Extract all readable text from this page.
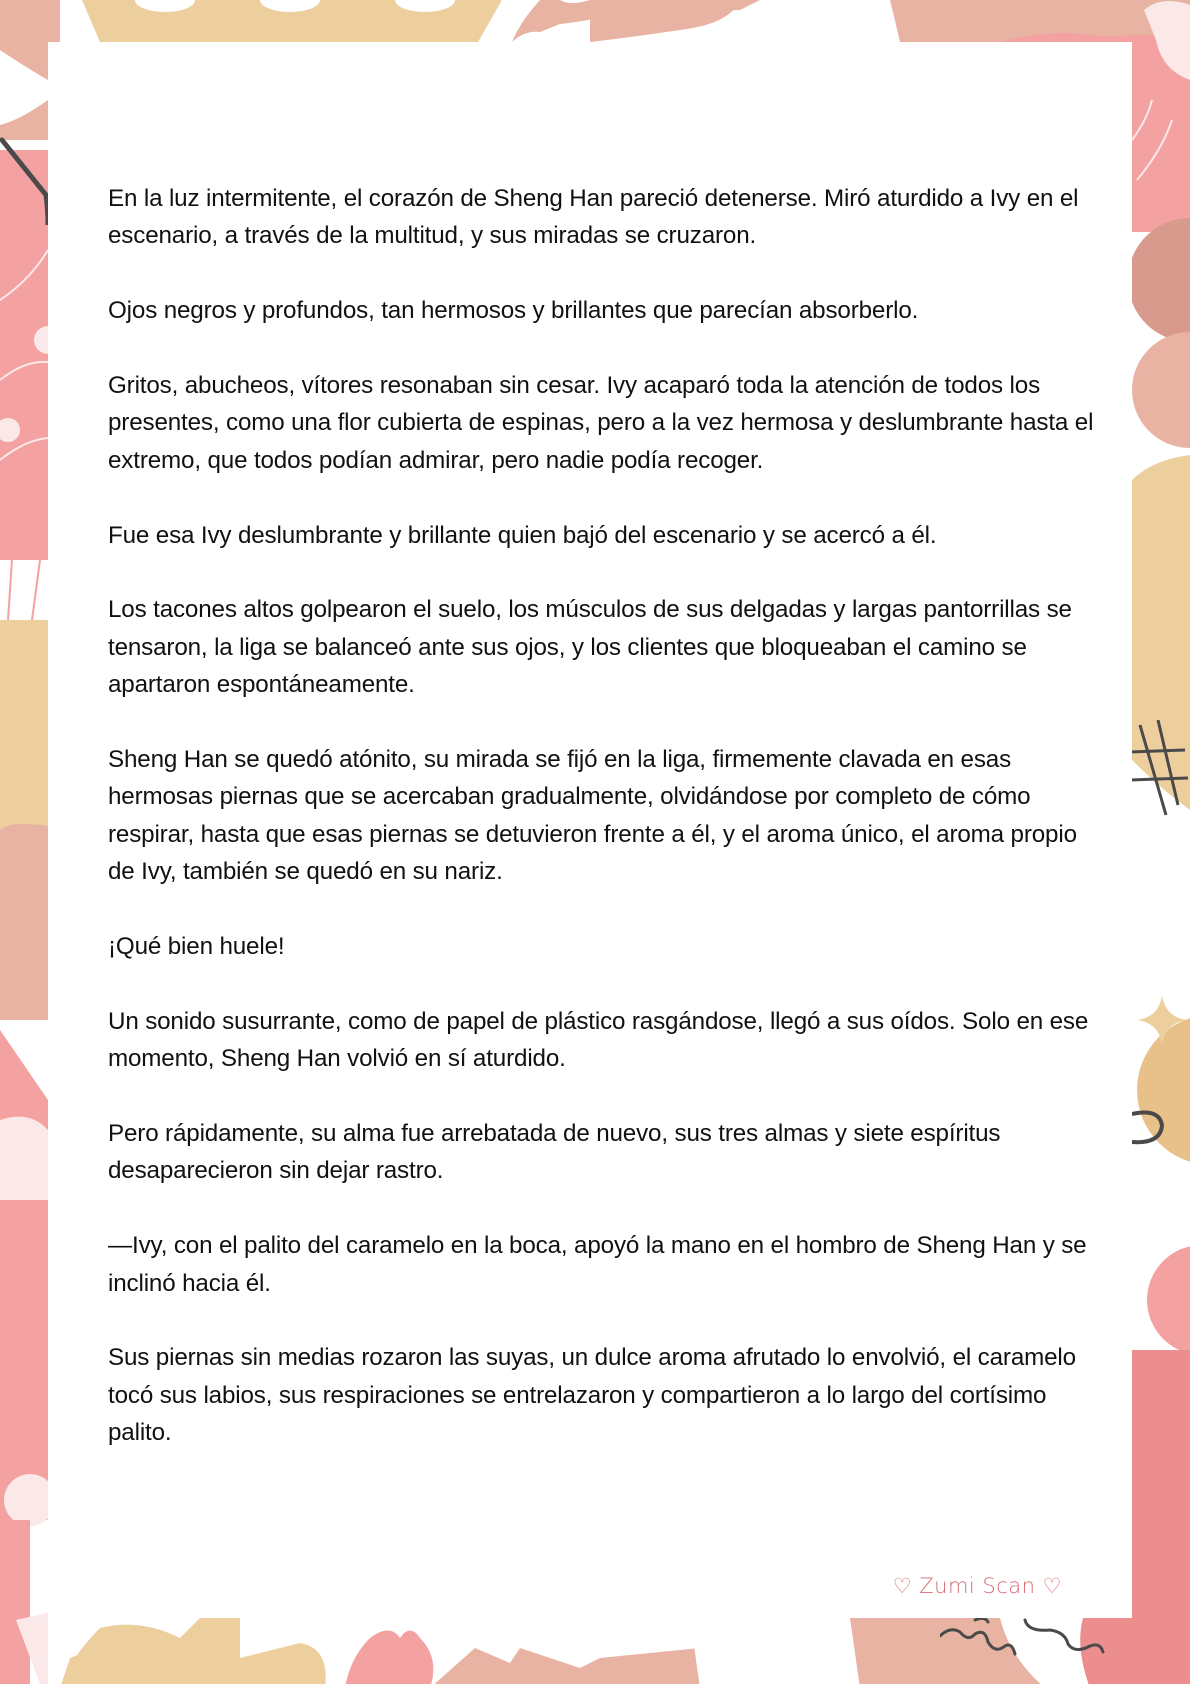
En la luz intermitente, el corazón de Sheng Han pareció detenerse. Miró aturdido a Ivy en el escenario, a través de la multitud, y sus miradas se cruzaron.

Ojos negros y profundos, tan hermosos y brillantes que parecían absorberlo.

Gritos, abucheos, vítores resonaban sin cesar. Ivy acaparó toda la atención de todos los presentes, como una flor cubierta de espinas, pero a la vez hermosa y deslumbrante hasta el extremo, que todos podían admirar, pero nadie podía recoger.

Fue esa Ivy deslumbrante y brillante quien bajó del escenario y se acercó a él.

Los tacones altos golpearon el suelo, los músculos de sus delgadas y largas pantorrillas se tensaron, la liga se balanceó ante sus ojos, y los clientes que bloqueaban el camino se apartaron espontáneamente.

Sheng Han se quedó atónito, su mirada se fijó en la liga, firmemente clavada en esas hermosas piernas que se acercaban gradualmente, olvidándose por completo de cómo respirar, hasta que esas piernas se detuvieron frente a él, y el aroma único, el aroma propio de Ivy, también se quedó en su nariz.

¡Qué bien huele!

Un sonido susurrante, como de papel de plástico rasgándose, llegó a sus oídos. Solo en ese momento, Sheng Han volvió en sí aturdido.

Pero rápidamente, su alma fue arrebatada de nuevo, sus tres almas y siete espíritus desaparecieron sin dejar rastro.

—Ivy, con el palito del caramelo en la boca, apoyó la mano en el hombro de Sheng Han y se inclinó hacia él.

Sus piernas sin medias rozaron las suyas, un dulce aroma afrutado lo envolvió, el caramelo tocó sus labios, sus respiraciones se entrelazaron y compartieron a lo largo del cortísimo palito.

♡ Zumi Scan ♡
